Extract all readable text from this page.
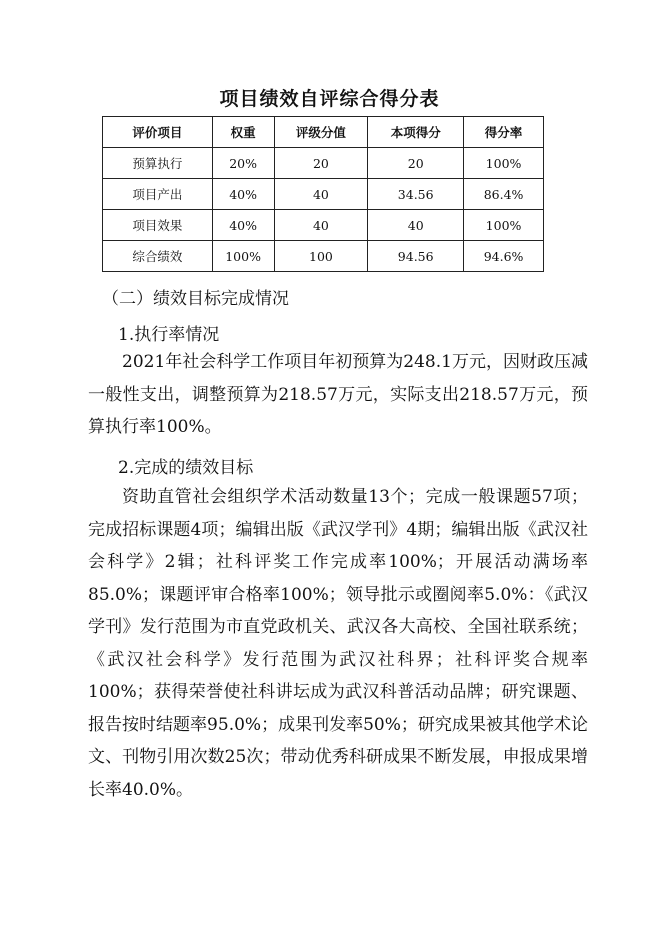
项目绩效自评综合得分表
评价项目	权重	评级分值	本项得分	得分率
预算执行	20%	20	20	100%
项目产出	40%	40	34.56	86.4%
项目效果	40%	40	40	100%
综合绩效	100%	100	94.56	94.6%
（二）绩效目标完成情况
1.执行率情况
2021年社会科学工作项目年初预算为248.1万元，因财政压减一般性支出，调整预算为218.57万元，实际支出218.57万元，预算执行率100%。
2.完成的绩效目标
资助直管社会组织学术活动数量13个；完成一般课题57项；完成招标课题4项；编辑出版《武汉学刊》4期；编辑出版《武汉社会科学》2辑；社科评奖工作完成率100%；开展活动满场率85.0%；课题评审合格率100%；领导批示或圈阅率5.0%：《武汉学刊》发行范围为市直党政机关、武汉各大高校、全国社联系统；《武汉社会科学》发行范围为武汉社科界；社科评奖合规率100%；获得荣誉使社科讲坛成为武汉科普活动品牌；研究课题、报告按时结题率95.0%；成果刊发率50%；研究成果被其他学术论文、刊物引用次数25次；带动优秀科研成果不断发展，申报成果增长率40.0%。
